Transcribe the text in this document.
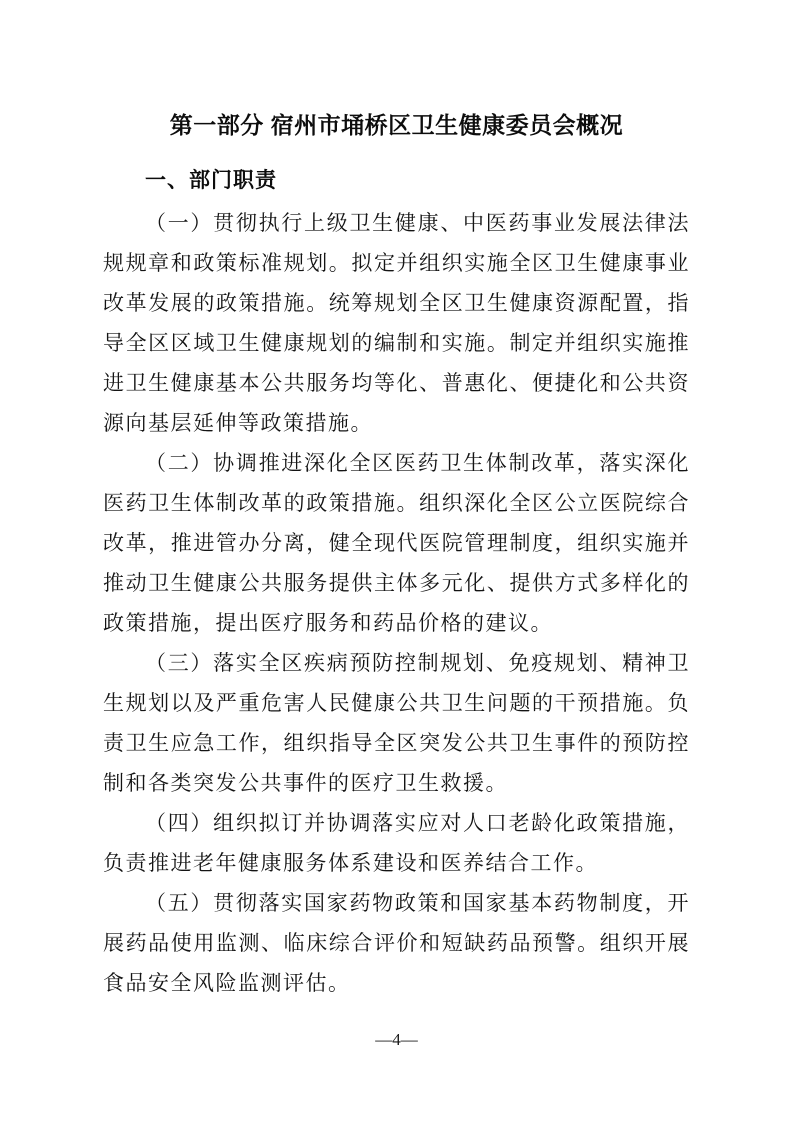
第一部分 宿州市埇桥区卫生健康委员会概况
一、部门职责

（一）贯彻执行上级卫生健康、中医药事业发展法律法规规章和政策标准规划。拟定并组织实施全区卫生健康事业改革发展的政策措施。统筹规划全区卫生健康资源配置，指导全区区域卫生健康规划的编制和实施。制定并组织实施推进卫生健康基本公共服务均等化、普惠化、便捷化和公共资源向基层延伸等政策措施。

（二）协调推进深化全区医药卫生体制改革，落实深化医药卫生体制改革的政策措施。组织深化全区公立医院综合改革，推进管办分离，健全现代医院管理制度，组织实施并推动卫生健康公共服务提供主体多元化、提供方式多样化的政策措施，提出医疗服务和药品价格的建议。

（三）落实全区疾病预防控制规划、免疫规划、精神卫生规划以及严重危害人民健康公共卫生问题的干预措施。负责卫生应急工作，组织指导全区突发公共卫生事件的预防控制和各类突发公共事件的医疗卫生救援。

（四）组织拟订并协调落实应对人口老龄化政策措施，负责推进老年健康服务体系建设和医养结合工作。

（五）贯彻落实国家药物政策和国家基本药物制度，开展药品使用监测、临床综合评价和短缺药品预警。组织开展食品安全风险监测评估。

—4—
